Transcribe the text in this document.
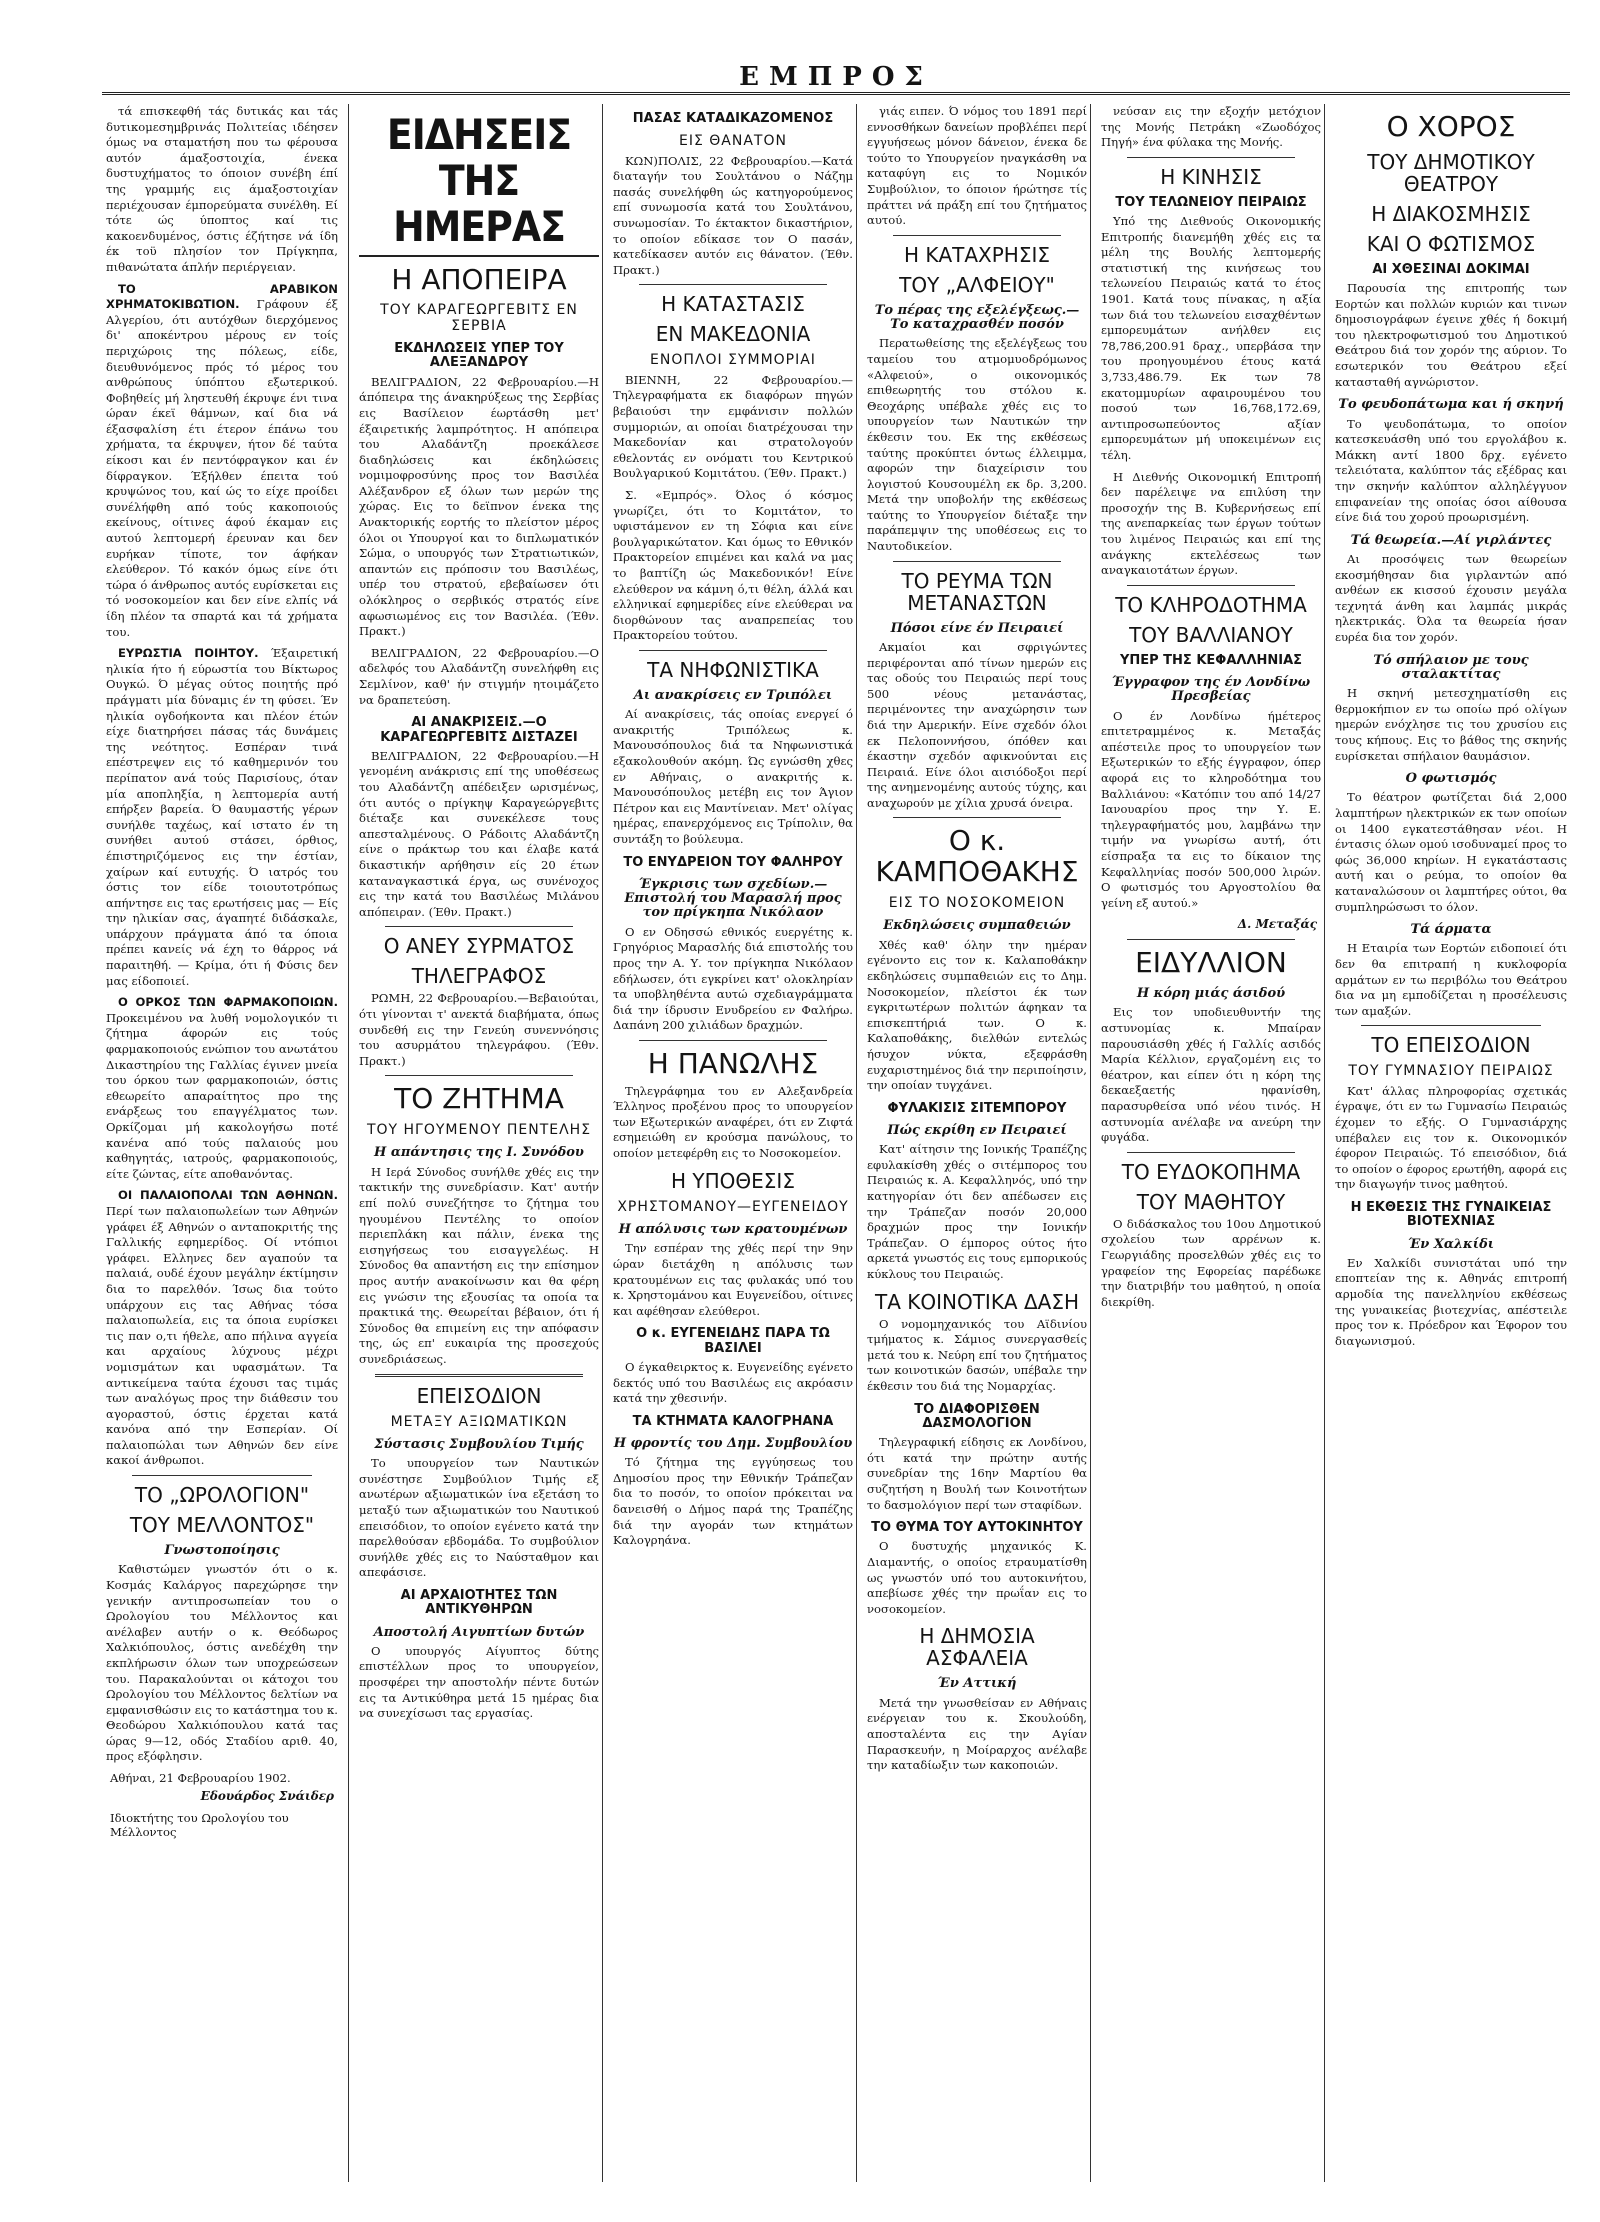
ΕΜΠΡΟΣ

τά επισκεφθή τάς δυτικάς και τάς δυτικομεσημβρινάς Πολιτείας ιδέησεν όμως να σταματήση που τω φέρουσα αυτόν άμαξοστοιχία, ένεκα δυστυχήματος το όποιον συνέβη έπί της γραμμής εις άμαξοστοιχίαν περιέχουσαν έμπορεύματα συνέλθη. Εί τότε ώς ύποπτος καί τις κακοενδυμένος, όστις έζήτησε νά ίδη έκ τοϋ πλησίον τον Πρίγκηπα, πιθανώτατα άπλήν περιέργειαν.

ΤΟ ΑΡΑΒΙΚΟΝ ΧΡΗΜΑΤΟΚΙΒΩΤΙΟΝ. Γράφουν έξ Αλγερίου, ότι αυτόχθων διερχόμενος δι' αποκέντρου μέρους εν τοίς περιχώροις της πόλεως, είδε, διευθυνόμενος πρός τό μέρος του ανθρώπους ύπόπτου εξωτερικού. Φοβηθείς μή ληστευθή έκρυψε ένι τινα ώραν έκεϊ θάμνων, καί δια νά έξασφαλίση έτι έτερον έπάνω του χρήματα, τα έκρυψεν, ήτον δέ ταύτα είκοσι και έν πεντόφραγκον και έν δίφραγκον. Έξήλθεν έπειτα τού κρυψώνος του, καί ώς το είχε προίδει συνέλήφθη από τούς κακοποιούς εκείνους, οίτινες άφού έκαμαν εις αυτού λεπτομερή έρευναν και δεν ευρήκαν τίποτε, τον άφήκαν ελεύθερον. Τό κακόν όμως είνε ότι τώρα ό άνθρωπος αυτός ευρίσκεται εις τό νοσοκομείον και δεν είνε ελπίς νά ίδη πλέον τα σπαρτά και τά χρήματα του.

ΕΥΡΩΣΤΙΑ ΠΟΙΗΤΟΥ. Έξαιρετική ηλικία ήτο ή εύρωστία του Βίκτωρος Ουγκώ. Ό μέγας ούτος ποιητής πρό πράγματι μία δύναμις έν τη φύσει. Έν ηλικία ογδοήκοντα και πλέον έτών είχε διατηρήσει πάσας τάς δυνάμεις της νεότητος. Εσπέραν τινά επέστρεψεν εις τό καθημερινόν του περίπατον ανά τούς Παρισίους, όταν μία αποπληξία, η λεπτομερία αυτή επήρξεν βαρεία. Ό θαυμαστής γέρων συνήλθε ταχέως, καί ιστατο έν τη συνήθει αυτού στάσει, όρθιος, έπιστηριζόμενος εις την έστίαν, χαίρων καί ευτυχής. Ό ιατρός του όστις τον είδε τοιουτοτρόπως απήντησε εις τας ερωτήσεις μας — Είς την ηλικίαν σας, άγαπητέ διδάσκαλε, υπάρχουν πράγματα άπό τα όποια πρέπει κανείς νά έχη το θάρρος νά παραιτηθή. — Κρίμα, ότι ή Φύσις δεν μας είδοποιεί.

Ο ΟΡΚΟΣ ΤΩΝ ΦΑΡΜΑΚΟΠΟΙΩΝ. Προκειμένου να λυθή νομολογικόν τι ζήτημα άφορών εις τούς φαρμακοποιούς ενώπιον του ανωτάτου Δικαστηρίου της Γαλλίας έγινεν μνεία του όρκου των φαρμακοποιών, όστις εθεωρείτο απαραίτητος προ της ενάρξεως του επαγγέλματος των. Ορκίζομαι μή κακολογήσω ποτέ κανένα από τούς παλαιούς μου καθηγητάς, ιατρούς, φαρμακοποιούς, είτε ζώντας, είτε αποθανόντας.

ΟΙ ΠΑΛΑΙΟΠΟΛΑΙ ΤΩΝ ΑΘΗΝΩΝ. Περί των παλαιοπωλείων των Αθηνών γράφει έξ Αθηνών ο ανταποκριτής της Γαλλικής εφημερίδος. Οί ντόπιοι γράφει. Ελληνες δεν αγαπούν τα παλαιά, ουδέ έχουν μεγάλην έκτίμησιν δια το παρελθόν. Ίσως δια τούτο υπάρχουν εις τας Αθήνας τόσα παλαιοπωλεία, εις τα όποια ευρίσκει τις παν ο,τι ήθελε, απο πήλινα αγγεία και αρχαίους λύχνους μέχρι νομισμάτων και υφασμάτων. Τα αντικείμενα ταύτα έχουσι τας τιμάς των αναλόγως προς την διάθεσιν του αγοραστού, όστις έρχεται κατά κανόνα από την Εσπερίαν. Οί παλαιοπώλαι των Αθηνών δεν είνε κακοί άνθρωποι.

ΤΟ „ΩΡΟΛΟΓΙΟΝ"
ΤΟΥ ΜΕΛΛΟΝΤΟΣ"
Γνωστοποίησις

Καθιστώμεν γνωστόν ότι ο κ. Κοσμάς Καλάργος παρεχώρησε την γενικήν αντιπροσωπείαν του ο Ωρολογίου του Μέλλοντος και ανέλαβεν αυτήν ο κ. Θεόδωρος Χαλκιόπουλος, όστις ανεδέχθη την εκπλήρωσιν όλων των υποχρεώσεων του. Παρακαλούνται οι κάτοχοι του Ωρολογίου του Μέλλοντος δελτίων να εμφανισθώσιν εις το κατάστημα του κ. Θεοδώρου Χαλκιόπουλου κατά τας ώρας 9—12, οδός Σταδίου αριθ. 40, προς εξόφλησιν.

Αθήναι, 21 Φεβρουαρίου 1902.
Εδουάρδος Σνάιδερ
Ιδιοκτήτης του Ωρολογίου του Μέλλοντος
ΕΙΔΗΣΕΙΣ ΤΗΣ ΗΜΕΡΑΣ
Η ΑΠΟΠΕΙΡΑ
ΤΟΥ ΚΑΡΑΓΕΩΡΓΕΒΙΤΣ ΕΝ ΣΕΡΒΙΑ
ΕΚΔΗΛΩΣΕΙΣ ΥΠΕΡ ΤΟΥ ΑΛΕΞΑΝΔΡΟΥ

ΒΕΛΙΓΡΑΔΙΟΝ, 22 Φεβρουαρίου.—Η άπόπειρα της άνακηρύξεως της Σερβίας εις Βασίλειον έωρτάσθη μετ' έξαιρετικής λαμπρότητος. Η απόπειρα του Αλαδάντζη προεκάλεσε διαδηλώσεις και έκδηλώσεις νομιμοφροσύνης προς τον Βασιλέα Αλέξανδρον εξ όλων των μερών της χώρας. Εις το δεϊπνον ένεκα της Ανακτορικής εορτής το πλείστον μέρος όλοι οι Υπουργοί και το διπλωματικόν Σώμα, ο υπουργός των Στρατιωτικών, απαντών εις πρόποσιν του Βασιλέως, υπέρ του στρατού, εβεβαίωσεν ότι ολόκληρος ο σερβικός στρατός είνε αφωσιωμένος εις τον Βασιλέα. (Έθν. Πρακτ.)

ΒΕΛΙΓΡΑΔΙΟΝ, 22 Φεβρουαρίου.—Ο αδελφός του Αλαδάντζη συνελήφθη εις Σεμλίνον, καθ' ήν στιγμήν ητοιμάζετο να δραπετεύση.

ΑΙ ΑΝΑΚΡΙΣΕΙΣ.—Ο ΚΑΡΑΓΕΩΡΓΕΒΙΤΣ ΔΙΣΤΑΖΕΙ

ΒΕΛΙΓΡΑΔΙΟΝ, 22 Φεβρουαρίου.—Η γενομένη ανάκρισις επί της υποθέσεως του Αλαδάντζη απέδειξεν ωρισμένως, ότι αυτός ο πρίγκηψ Καραγεώργεβιτς διέταξε και συνεκέλεσε τους απεσταλμένους. Ο Ράδοιτς Αλαδάντζη είνε ο πράκτωρ του και έλαβε κατά δικαστικήν αρήθησιν είς 20 έτων καταναγκαστικά έργα, ως συνένοχος εις την κατά του Βασιλέως Μιλάνου απόπειραν. (Έθν. Πρακτ.)

Ο ΑΝΕΥ ΣΥΡΜΑΤΟΣ
ΤΗΛΕΓΡΑΦΟΣ

ΡΩΜΗ, 22 Φεβρουαρίου.—Βεβαιούται, ότι γίνονται τ' ανεκτά διαβήματα, όπως συνδεθή εις την Γενεύη συνεννόησις του ασυρμάτου τηλεγράφου. (Έθν. Πρακτ.)

ΤΟ ΖΗΤΗΜΑ
ΤΟΥ ΗΓΟΥΜΕΝΟΥ ΠΕΝΤΕΛΗΣ
Η απάντησις της Ι. Συνόδου

Η Ιερά Σύνοδος συνήλθε χθές εις την τακτικήν της συνεδρίασιν. Κατ' αυτήν επί πολύ συνεζήτησε το ζήτημα του ηγουμένου Πεντέλης το οποίον περιεπλάκη και πάλιν, ένεκα της εισηγήσεως του εισαγγελέως. Η Σύνοδος θα απαντήση εις την επίσημον προς αυτήν ανακοίνωσιν και θα φέρη εις γνώσιν της εξουσίας τα οποία τα πρακτικά της. Θεωρείται βέβαιον, ότι ή Σύνοδος θα επιμείνη εις την απόφασιν της, ώς επ' ευκαιρία της προσεχούς συνεδριάσεως.

ΕΠΕΙΣΟΔΙΟΝ
ΜΕΤΑΞΥ ΑΞΙΩΜΑΤΙΚΩΝ
Σύστασις Συμβουλίου Τιμής

Το υπουργείον των Ναυτικών συνέστησε Συμβούλιον Τιμής εξ ανωτέρων αξιωματικών ίνα εξετάση το μεταξύ των αξιωματικών του Ναυτικού επεισόδιον, το οποίον εγένετο κατά την παρελθούσαν εβδομάδα. Το συμβούλιον συνήλθε χθές εις το Ναύσταθμον και απεφάσισε.

ΑΙ ΑΡΧΑΙΟΤΗΤΕΣ ΤΩΝ ΑΝΤΙΚΥΘΗΡΩΝ
Αποστολή Αιγυπτίων δυτών

Ο υπουργός Αίγυπτος δύτης επιστέλλων προς το υπουργείον, προσφέρει την αποστολήν πέντε δυτών εις τα Αντικύθηρα μετά 15 ημέρας δια να συνεχίσωσι τας εργασίας.

ΠΑΣΑΣ ΚΑΤΑΔΙΚΑΖΟΜΕΝΟΣ
ΕΙΣ ΘΑΝΑΤΟΝ

ΚΩΝ)ΠΟΛΙΣ, 22 Φεβρουαρίου.—Κατά διαταγήν του Σουλτάνου ο Νάζημ πασάς συνελήφθη ώς κατηγορούμενος επί συνωμοσία κατά του Σουλτάνου, συνωμοσίαν. Το έκτακτον δικαστήριον, το οποίον εδίκασε τον Ο πασάν, κατεδίκασεν αυτόν εις θάνατον. (Έθν. Πρακτ.)

Η ΚΑΤΑΣΤΑΣΙΣ
ΕΝ ΜΑΚΕΔΟΝΙΑ
ΕΝΟΠΛΟΙ ΣΥΜΜΟΡΙΑΙ

ΒΙΕΝΝΗ, 22 Φεβρουαρίου.—Τηλεγραφήματα εκ διαφόρων πηγών βεβαιούσι την εμφάνισιν πολλών συμμοριών, αι οποίαι διατρέχουσαι την Μακεδονίαν και στρατολογούν εθελοντάς εν ονόματι του Κεντρικού Βουλγαρικού Κομιτάτου. (Έθν. Πρακτ.)

Σ. «Εμπρός». Όλος ό κόσμος γνωρίζει, ότι το Κομιτάτον, το υφιστάμενον εν τη Σόφια και είνε βουλγαρικώτατον. Και όμως το Εθνικόν Πρακτορείον επιμένει και καλά να μας το βαπτίζη ώς Μακεδονικόν! Είνε ελεύθερον να κάμνη ό,τι θέλη, άλλά και ελληνικαί εφημερίδες είνε ελεύθεραι να διορθώνουν τας αναπρεπείας του Πρακτορείου τούτου.

ΤΑ ΝΗΦΩΝΙΣΤΙΚΑ
Αι ανακρίσεις εν Τριπόλει

Αί ανακρίσεις, τάς οποίας ενεργεί ό ανακριτής Τριπόλεως κ. Μανουσόπουλος διά τα Νηφωνιστικά εξακολουθούν ακόμη. Ώς εγνώσθη χθες εν Αθήναις, ο ανακριτής κ. Μανουσόπουλος μετέβη εις τον Άγιον Πέτρον και εις Μαντίνειαν. Μετ' ολίγας ημέρας, επανερχόμενος εις Τρίπολιν, θα συντάξη το βούλευμα.

ΤΟ ΕΝΥΔΡΕΙΟΝ ΤΟΥ ΦΑΛΗΡΟΥ
Έγκρισις των σχεδίων.—Επιστολή του Μαρασλή προς τον πρίγκηπα Νικόλαον

Ο εν Οδησσώ εθνικός ευεργέτης κ. Γρηγόριος Μαρασλής διά επιστολής του προς την Α. Υ. τον πρίγκηπα Νικόλαον εδήλωσεν, ότι εγκρίνει κατ' ολοκληρίαν τα υποβληθέντα αυτώ σχεδιαγράμματα διά την ίδρυσιν Ενυδρείου εν Φαλήρω. Δαπάνη 200 χιλιάδων δραχμών.

Η ΠΑΝΩΛΗΣ

Τηλεγράφημα του εν Αλεξανδρεία Έλληνος προξένου προς το υπουργείον των Εξωτερικών αναφέρει, ότι εν Ζιφτά εσημειώθη εν κρούσμα πανώλους, το οποίον μετεφέρθη εις το Νοσοκομείον.

Η ΥΠΟΘΕΣΙΣ
ΧΡΗΣΤΟΜΑΝΟΥ—ΕΥΓΕΝΕΙΔΟΥ
Η απόλυσις των κρατουμένων

Την εσπέραν της χθές περί την 9ην ώραν διετάχθη η απόλυσις των κρατουμένων εις τας φυλακάς υπό του κ. Χρηστομάνου και Ευγενείδου, οίτινες και αφέθησαν ελεύθεροι.

Ο κ. ΕΥΓΕΝΕΙΔΗΣ ΠΑΡΑ ΤΩ ΒΑΣΙΛΕΙ

Ο έγκαθειρκτος κ. Ευγενείδης εγένετο δεκτός υπό του Βασιλέως εις ακρόασιν κατά την χθεσινήν.

ΤΑ ΚΤΗΜΑΤΑ ΚΑΛΟΓΡΗΑΝΑ
Η φροντίς του Δημ. Συμβουλίου

Τό ζήτημα της εγγύησεως του Δημοσίου προς την Εθνικήν Τράπεζαν δια το ποσόν, το οποίον πρόκειται να δανεισθή ο Δήμος παρά της Τραπέζης διά την αγοράν των κτημάτων Καλογρηάνα.

γιάς ειπεν. Ό νόμος του 1891 περί εννοσθήκων δανείων προβλέπει περί εγγυήσεως μόνον δάνειον, ένεκα δε τούτο το Υπουργείον ηναγκάσθη να καταφύγη εις το Νομικόν Συμβούλιον, το όποιον ήρώτησε τίς πράττει νά πράξη επί του ζητήματος αυτού.

Η ΚΑΤΑΧΡΗΣΙΣ
ΤΟΥ „ΑΛΦΕΙΟΥ"
Το πέρας της εξελέγξεως.—Το καταχρασθέν ποσόν

Περατωθείσης της εξελέγξεως του ταμείου του ατμομυοδρόμωνος «Αλφειού», ο οικονομικός επιθεωρητής του στόλου κ. Θεοχάρης υπέβαλε χθές εις το υπουργείον των Ναυτικών την έκθεσιν του. Εκ της εκθέσεως ταύτης προκύπτει όντως έλλειμμα, αφορών την διαχείρισιν του λογιστού Κουσουμέλη εκ δρ. 3,200. Μετά την υποβολήν της εκθέσεως ταύτης το Υπουργείον διέταξε την παράπεμψιν της υποθέσεως εις το Ναυτοδικείον.

ΤΟ ΡΕΥΜΑ ΤΩΝ ΜΕΤΑΝΑΣΤΩΝ
Πόσοι είνε έν Πειραιεί

Ακμαίοι και σφριγώντες περιφέρονται από τίνων ημερών εις τας οδούς του Πειραιώς περί τους 500 νέους μετανάστας, περιμένοντες την αναχώρησιν των διά την Αμερικήν. Είνε σχεδόν όλοι εκ Πελοποννήσου, όπόθεν και έκαστην σχεδόν αφικνούνται εις Πειραιά. Είνε όλοι αισιόδοξοι περί της ανημενομένης αυτούς τύχης, και αναχωρούν με χίλια χρυσά όνειρα.

Ο κ. ΚΑΜΠΟΘΑΚΗΣ
ΕΙΣ ΤΟ ΝΟΣΟΚΟΜΕΙΟΝ
Εκδηλώσεις συμπαθειών

Χθές καθ' όλην την ημέραν εγένοντο εις τον κ. Καλαποθάκην εκδηλώσεις συμπαθειών εις το Δημ. Νοσοκομείον, πλείστοι έκ των εγκριτωτέρων πολιτών άφηκαν τα επισκεπτήριά των. Ο κ. Καλαποθάκης, διελθών εντελώς ήσυχον νύκτα, εξεφράσθη ευχαριστημένος διά την περιποίησιν, την οποίαν τυγχάνει.

ΦΥΛΑΚΙΣΙΣ ΣΙΤΕΜΠΟΡΟΥ
Πώς εκρίθη εν Πειραιεί

Κατ' αίτησιν της Ιονικής Τραπέζης εφυλακίσθη χθές ο σιτέμπορος του Πειραιώς κ. Α. Κεφαλληνός, υπό την κατηγορίαν ότι δεν απέδωσεν εις την Τράπεζαν ποσόν 20,000 δραχμών προς την Ιονικήν Τράπεζαν. Ο έμπορος ούτος ήτο αρκετά γνωστός εις τους εμπορικούς κύκλους του Πειραιώς.

ΤΑ ΚΟΙΝΟΤΙΚΑ ΔΑΣΗ

Ο νομομηχανικός του Αϊδινίου τμήματος κ. Σάμιος συνεργασθείς μετά του κ. Νεύρη επί του ζητήματος των κοινοτικών δασών, υπέβαλε την έκθεσιν του διά της Νομαρχίας.

ΤΟ ΔΙΑΦΟΡΙΣΘΕΝ ΔΑΣΜΟΛΟΓΙΟΝ

Τηλεγραφική είδησις εκ Λονδίνου, ότι κατά την πρώτην αυτής συνεδρίαν της 16ην Μαρτίου θα συζητήση η Βουλή των Κοινοτήτων το δασμολόγιον περί των σταφίδων.

ΤΟ ΘΥΜΑ ΤΟΥ ΑΥΤΟΚΙΝΗΤΟΥ

Ο δυστυχής μηχανικός Κ. Διαμαντής, ο οποίος ετραυματίσθη ως γνωστόν υπό του αυτοκινήτου, απεβίωσε χθές την πρωΐαν εις το νοσοκομείον.

Η ΔΗΜΟΣΙΑ ΑΣΦΑΛΕΙΑ
Έν Αττική

Μετά την γνωσθείσαν εν Αθήναις ενέργειαν του κ. Σκουλούδη, αποσταλέντα εις την Αγίαν Παρασκευήν, η Μοίραρχος ανέλαβε την καταδίωξιν των κακοποιών.

νεύσαν εις την εξοχήν μετόχιον της Μονής Πετράκη «Ζωοδόχος Πηγή» ένα φύλακα της Μονής.

Η ΚΙΝΗΣΙΣ
ΤΟΥ ΤΕΛΩΝΕΙΟΥ ΠΕΙΡΑΙΩΣ

Υπό της Διεθνούς Οικονομικής Επιτροπής διανεμήθη χθές εις τα μέλη της Βουλής λεπτομερής στατιστική της κινήσεως του τελωνείου Πειραιώς κατά το έτος 1901. Κατά τους πίνακας, η αξία των διά του τελωνείου εισαχθέντων εμπορευμάτων ανήλθεν εις 78,786,200.91 δραχ., υπερβάσα την του προηγουμένου έτους κατά 3,733,486.79. Εκ των 78 εκατομμυρίων αφαιρουμένου του ποσού των 16,768,172.69, αντιπροσωπεύοντος αξίαν εμπορευμάτων μή υποκειμένων εις τέλη.

Η Διεθνής Οικονομική Επιτροπή δεν παρέλειψε να επιλύση την προσοχήν της Β. Κυβερνήσεως επί της ανεπαρκείας των έργων τούτων του λιμένος Πειραιώς και επί της ανάγκης εκτελέσεως των αναγκαιοτάτων έργων.

ΤΟ ΚΛΗΡΟΔΟΤΗΜΑ
ΤΟΥ ΒΑΛΛΙΑΝΟΥ
ΥΠΕΡ ΤΗΣ ΚΕΦΑΛΛΗΝΙΑΣ
Έγγραφον της έν Λονδίνω Πρεσβείας

Ο έν Λονδίνω ήμέτερος επιτετραμμένος κ. Μεταξάς απέστειλε προς το υπουργείον των Εξωτερικών το εξής έγγραφον, όπερ αφορά εις το κληροδότημα του Βαλλιάνου: «Κατόπιν του από 14/27 Ιανουαρίου προς την Υ. Ε. τηλεγραφήματός μου, λαμβάνω την τιμήν να γνωρίσω αυτή, ότι είσπραξα τα εις το δίκαιον της Κεφαλληνίας ποσόν 500,000 λιρών. Ο φωτισμός του Αργοστολίου θα γείνη εξ αυτού.»

Δ. Μεταξάς
ΕΙΔΥΛΛΙΟΝ
Η κόρη μιάς άσιδού

Εις τον υποδιευθυντήν της αστυνομίας κ. Μπαίραν παρουσιάσθη χθές ή Γαλλίς ασιδός Μαρία Κέλλιον, εργαζομένη εις το θέατρον, και είπεν ότι η κόρη της δεκαεξαετής ηφανίσθη, παρασυρθείσα υπό νέου τινός. Η αστυνομία ανέλαβε να ανεύρη την φυγάδα.

ΤΟ ΕΥΔΟΚΟΠΗΜΑ
ΤΟΥ ΜΑΘΗΤΟΥ

Ο διδάσκαλος του 10ου Δημοτικού σχολείου των αρρένων κ. Γεωργιάδης προσελθών χθές εις το γραφείον της Εφορείας παρέδωκε την διατριβήν του μαθητού, η οποία διεκρίθη.

Ο ΧΟΡΟΣ
ΤΟΥ ΔΗΜΟΤΙΚΟΥ ΘΕΑΤΡΟΥ
Η ΔΙΑΚΟΣΜΗΣΙΣ
ΚΑΙ Ο ΦΩΤΙΣΜΟΣ
ΑΙ ΧΘΕΣΙΝΑΙ ΔΟΚΙΜΑΙ

Παρουσία της επιτροπής των Εορτών και πολλών κυριών και τινων δημοσιογράφων έγεινε χθές ή δοκιμή του ηλεκτροφωτισμού του Δημοτικού Θεάτρου διά τον χορόν της αύριον. Το εσωτερικόν του Θεάτρου εξεί κατασταθή αγνώριστον.

Το φευδοπάτωμα και ή σκηνή

Το ψευδοπάτωμα, το οποίον κατεσκευάσθη υπό του εργολάβου κ. Μάκκη αντί 1800 δρχ. εγένετο τελειότατα, καλύπτον τάς εξέδρας και την σκηνήν καλύπτον αλληλέγγυον επιφανείαν της οποίας όσοι αίθουσα είνε διά του χορού προωρισμένη.

Τά θεωρεία.—Αί γιρλάντες

Αι προσόψεις των θεωρείων εκοσμήθησαν δια γιρλαντών από ανθέων εκ κισσού έχουσιν μεγάλα τεχνητά άνθη και λαμπάς μικράς ηλεκτρικάς. Όλα τα θεωρεία ήσαν ευρέα δια τον χορόν.

Τό σπήλαιον με τους σταλακτίτας

Η σκηνή μετεσχηματίσθη εις θερμοκήπιον εν τω οποίω πρό ολίγων ημερών ενόχλησε τις του χρυσίου εις τους κήπους. Εις το βάθος της σκηνής ευρίσκεται σπήλαιον θαυμάσιον.

Ο φωτισμός

Το θέατρον φωτίζεται διά 2,000 λαμπτήρων ηλεκτρικών εκ των οποίων οι 1400 εγκατεστάθησαν νέοι. Η έντασις όλων ομού ισοδυναμεί προς το φώς 36,000 κηρίων. Η εγκατάστασις αυτή και ο ρεύμα, το οποίον θα καταναλώσουν οι λαμπτήρες ούτοι, θα συμπληρώσωσι το όλον.

Τά άρματα

Η Εταιρία των Εορτών ειδοποιεί ότι δεν θα επιτραπή η κυκλοφορία αρμάτων εν τω περιβόλω του Θεάτρου δια να μη εμποδίζεται η προσέλευσις των αμαξών.

ΤΟ ΕΠΕΙΣΟΔΙΟΝ
ΤΟΥ ΓΥΜΝΑΣΙΟΥ ΠΕΙΡΑΙΩΣ

Κατ' άλλας πληροφορίας σχετικάς έγραψε, ότι εν τω Γυμνασίω Πειραιώς έχομεν το εξής. Ο Γυμνασιάρχης υπέβαλεν εις τον κ. Οικονομικόν έφορον Πειραιώς. Τό επεισόδιον, διά το οποίον ο έφορος ερωτήθη, αφορά εις την διαγωγήν τινος μαθητού.

Η ΕΚΘΕΣΙΣ ΤΗΣ ΓΥΝΑΙΚΕΙΑΣ ΒΙΟΤΕΧΝΙΑΣ
Έν Χαλκίδι

Εν Χαλκίδι συνιστάται υπό την εποπτείαν της κ. Αθηνάς επιτροπή αρμοδία της πανελληνίου εκθέσεως της γυναικείας βιοτεχνίας, απέστειλε προς τον κ. Πρόεδρον και Έφορον του διαγωνισμού.
